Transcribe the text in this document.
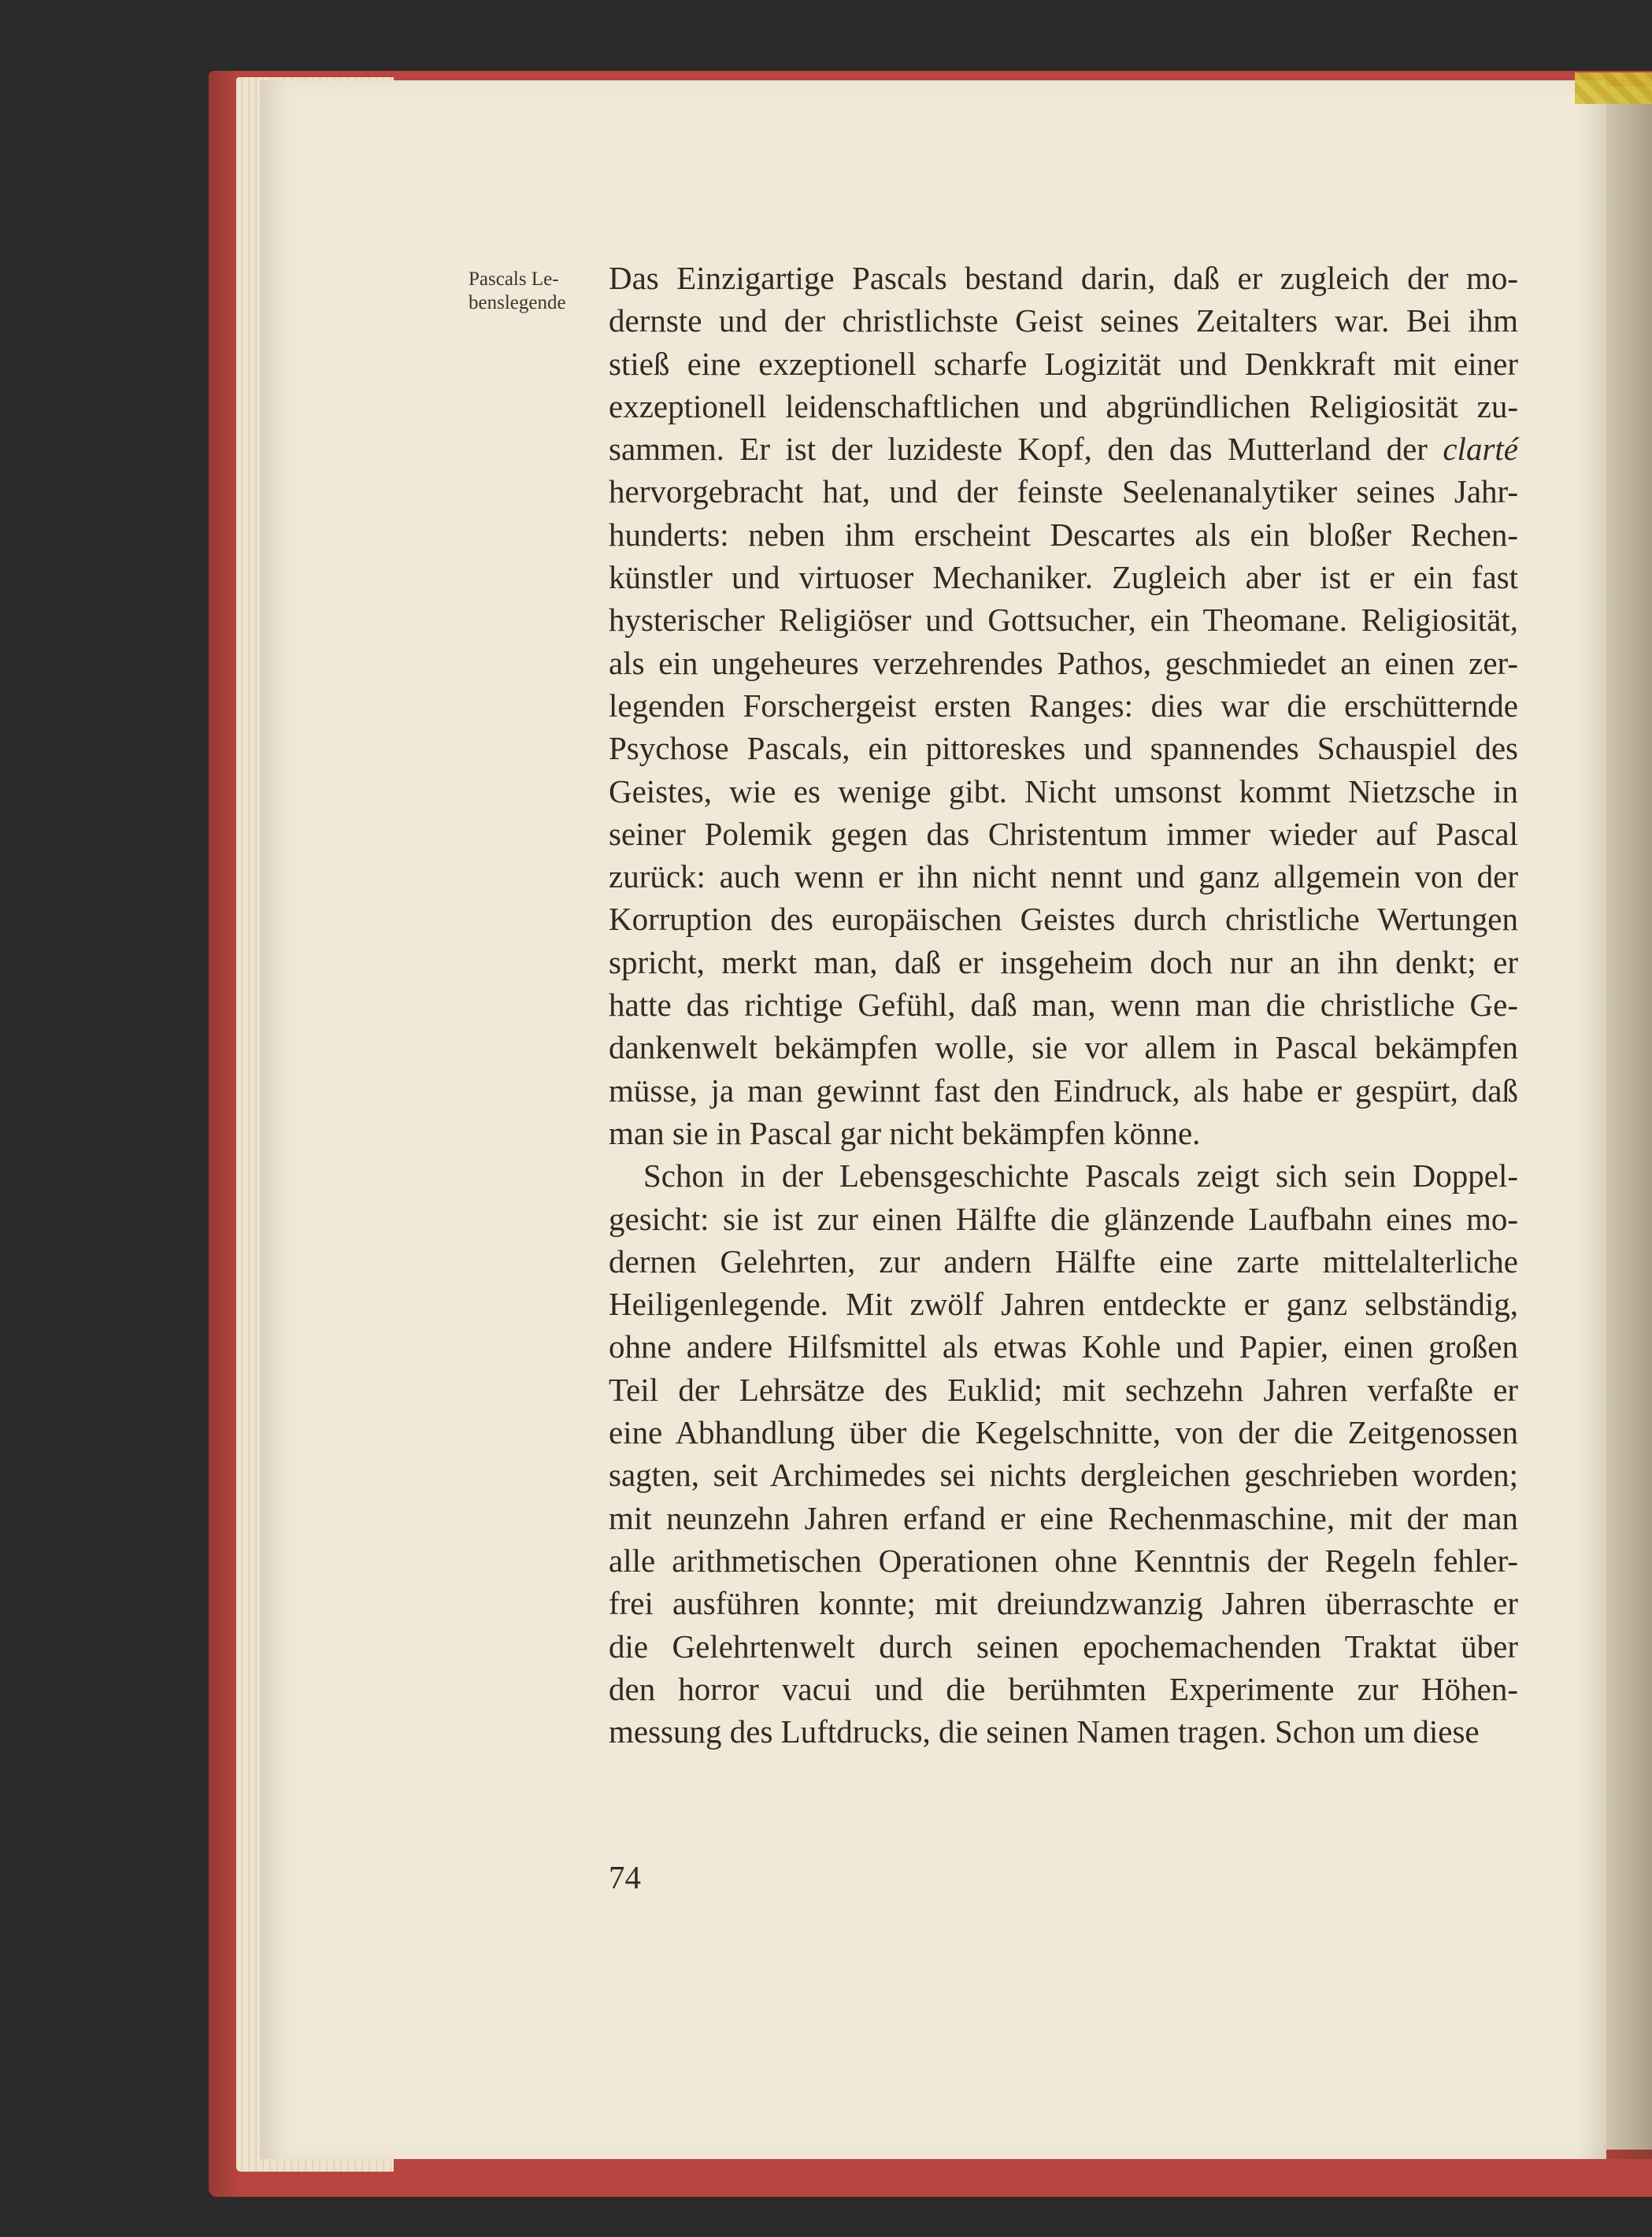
Pascals Le-
benslegende

Das Einzigartige Pascals bestand darin, daß er zugleich der mo-
dernste und der christlichste Geist seines Zeitalters war. Bei ihm
stieß eine exzeptionell scharfe Logizität und Denkkraft mit einer
exzeptionell leidenschaftlichen und abgründlichen Religiosität zu-
sammen. Er ist der luzideste Kopf, den das Mutterland der clarté
hervorgebracht hat, und der feinste Seelenanalytiker seines Jahr-
hunderts: neben ihm erscheint Descartes als ein bloßer Rechen-
künstler und virtuoser Mechaniker. Zugleich aber ist er ein fast
hysterischer Religiöser und Gottsucher, ein Theomane. Religiosität,
als ein ungeheures verzehrendes Pathos, geschmiedet an einen zer-
legenden Forschergeist ersten Ranges: dies war die erschütternde
Psychose Pascals, ein pittoreskes und spannendes Schauspiel des
Geistes, wie es wenige gibt. Nicht umsonst kommt Nietzsche in
seiner Polemik gegen das Christentum immer wieder auf Pascal
zurück: auch wenn er ihn nicht nennt und ganz allgemein von der
Korruption des europäischen Geistes durch christliche Wertungen
spricht, merkt man, daß er insgeheim doch nur an ihn denkt; er
hatte das richtige Gefühl, daß man, wenn man die christliche Ge-
dankenwelt bekämpfen wolle, sie vor allem in Pascal bekämpfen
müsse, ja man gewinnt fast den Eindruck, als habe er gespürt, daß
man sie in Pascal gar nicht bekämpfen könne.

Schon in der Lebensgeschichte Pascals zeigt sich sein Doppel-
gesicht: sie ist zur einen Hälfte die glänzende Laufbahn eines mo-
dernen Gelehrten, zur andern Hälfte eine zarte mittelalterliche
Heiligenlegende. Mit zwölf Jahren entdeckte er ganz selbständig,
ohne andere Hilfsmittel als etwas Kohle und Papier, einen großen
Teil der Lehrsätze des Euklid; mit sechzehn Jahren verfaßte er
eine Abhandlung über die Kegelschnitte, von der die Zeitgenossen
sagten, seit Archimedes sei nichts dergleichen geschrieben worden;
mit neunzehn Jahren erfand er eine Rechenmaschine, mit der man
alle arithmetischen Operationen ohne Kenntnis der Regeln fehler-
frei ausführen konnte; mit dreiundzwanzig Jahren überraschte er
die Gelehrtenwelt durch seinen epochemachenden Traktat über
den horror vacui und die berühmten Experimente zur Höhen-
messung des Luftdrucks, die seinen Namen tragen. Schon um diese

74
